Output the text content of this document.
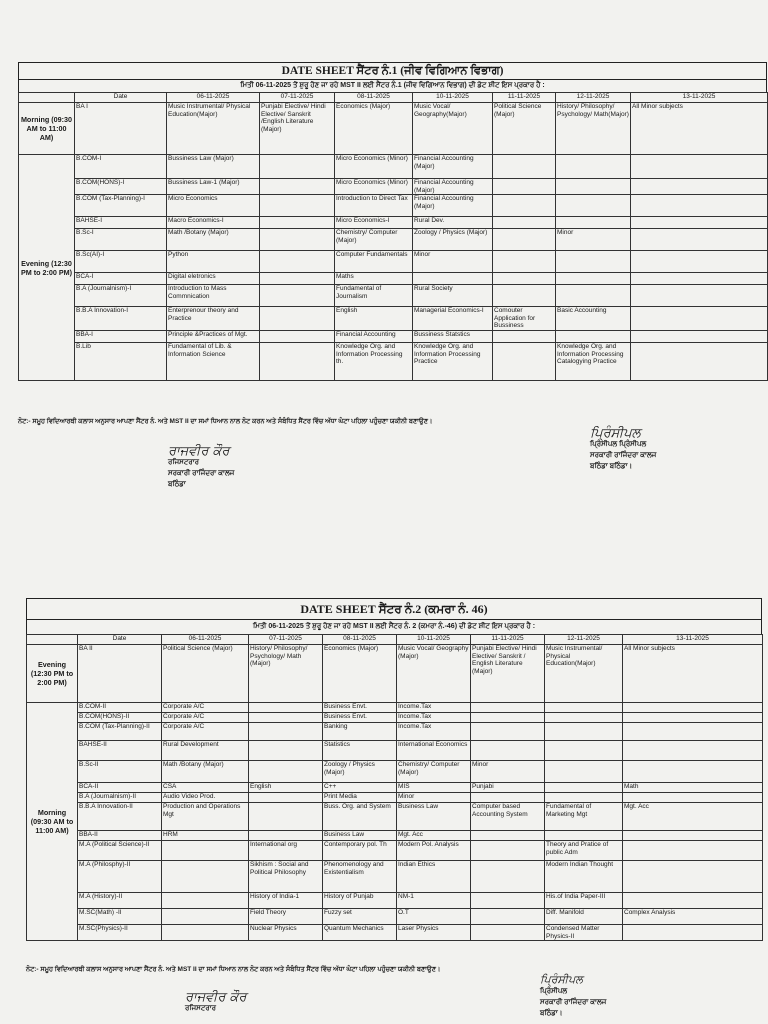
DATE SHEET ਸੈਂਟਰ ਨੰ.1 (ਜੀਵ ਵਿਗਿਆਨ ਵਿਭਾਗ)
ਮਿਤੀ 06-11-2025 ਤੋਂ ਸ਼ੁਰੂ ਹੋਣ ਜਾ ਰਹੇ MST II ਲਈ ਸੈਂਟਰ ਨੰ.1 (ਜੀਵ ਵਿਗਿਆਨ ਵਿਭਾਗ) ਦੀ ਡੇਟ ਸ਼ੀਟ ਇਸ ਪ੍ਰਕਾਰ ਹੈ :
	Date	06-11-2025	07-11-2025	08-11-2025	10-11-2025	11-11-2025	12-11-2025	13-11-2025
Morning (09:30 AM to 11:00 AM)	BA I	Music Instrumental/ Physical Education(Major)	Punjabi Elective/ Hindi Elective/ Sanskrit /English Literature (Major)	Economics (Major)	Music Vocal/ Geography(Major)	Political Science (Major)	History/ Philosophy/ Psychology/ Math(Major)	All Minor subjects
Evening (12:30 PM to 2:00 PM)	B.COM-I	Bussiness Law (Major)		Micro Economics (Minor)	Financial Accounting (Major)			
	B.COM(HONS)-I	Bussiness Law-1 (Major)		Micro Economics (Minor)	Financial Accounting (Major)			
	B.COM (Tax-Planning)-I	Micro Economics		Introduction to Direct Tax	Financial Accounting (Major)			
	BAHSE-I	Macro Economics-I		Micro Economics-I	Rural Dev.			
	B.Sc-I	Math /Botany (Major)		Chemistry/ Computer (Major)	Zoology / Physics (Major)		Minor	
	B.Sc(AI)-I	Python		Computer Fundamentals	Minor			
	BCA-I	Digital eletronics		Maths				
	B.A (Journalnism)-I	Introduction to Mass Commnication		Fundamental of Journalism	Rural Society			
	B.B.A Innovation-I	Enterprenour theory and Practice		English	Managerial Economics-I	Comouter Application for Bussiness	Basic Accounting	
	BBA-I	Principle &Practices of Mgt.		Financial Accounting	Bussiness Statstics			
	B.Lib	Fundamental of Lib. & Information Science		Knowledge Org. and Information Processing th.	Knowledge Org. and Information Processing Practice		Knowledge Org. and Information Processing Catalogying Practice	
ਨੋਟ:- ਸਮੂਹ ਵਿਦਿਆਰਥੀ ਕਲਾਸ ਅਨੁਸਾਰ ਆਪਣਾ ਸੈਂਟਰ ਨੰ. ਅਤੇ MST II ਦਾ ਸਮਾਂ ਧਿਆਨ ਨਾਲ ਨੋਟ ਕਰਨ ਅਤੇ ਸੰਬੰਧਿਤ ਸੈਂਟਰ ਵਿੱਚ ਅੱਧਾ ਘੰਟਾ ਪਹਿਲਾ ਪਹੁੰਚਣਾ ਯਕੀਨੀ ਬਣਾਉਣ।
ਰਾਜਵੀਰ ਕੌਰ
ਰਜਿਸਟਰਾਰ
ਸਰਕਾਰੀ ਰਾਜਿੰਦਰਾ ਕਾਲਜ
ਬਠਿੰਡਾ
ਪ੍ਰਿੰਸੀਪਲ
ਪ੍ਰਿੰਸੀਪਲ ਪ੍ਰਿੰਸੀਪਲ
ਸਰਕਾਰੀ ਰਾਜਿੰਦਰਾ ਕਾਲਜ
ਬਠਿੰਡਾ ਬਠਿੰਡਾ।
DATE SHEET ਸੈਂਟਰ ਨੰ.2 (ਕਮਰਾ ਨੰ. 46)
ਮਿਤੀ 06-11-2025 ਤੋਂ ਸ਼ੁਰੂ ਹੋਣ ਜਾ ਰਹੇ MST II ਲਈ ਸੈਂਟਰ ਨੰ. 2 (ਕਮਰਾ ਨੰ.-46) ਦੀ ਡੇਟ ਸ਼ੀਟ ਇਸ ਪ੍ਰਕਾਰ ਹੈ :
	Date	06-11-2025	07-11-2025	08-11-2025	10-11-2025	11-11-2025	12-11-2025	13-11-2025
Evening (12:30 PM to 2:00 PM)	BA II	Political Science (Major)	History/ Philosophy/ Psychology/ Math (Major)	Economics (Major)	Music Vocal/ Geography (Major)	Punjabi Elective/ Hindi Elective/ Sanskrit / English Literature (Major)	Music Instrumental/ Physical Education(Major)	All Minor subjects
Morning (09:30 AM to 11:00 AM)	B.COM-II	Corporate A/C		Business Envt.	Income.Tax			
	B.COM(HONS)-II	Corporate A/C		Business Envt.	Income.Tax			
	B.COM (Tax-Planning)-II	Corporate A/C		Banking	Income.Tax			
	BAHSE-II	Rural Development		Statistics	International Economics			
	B.Sc-II	Math /Botany (Major)		Zoology / Physics (Major)	Chemistry/ Computer (Major)	Minor		
	BCA-II	CSA	English	C++	MIS	Punjabi		Math
	B.A (Journalnism)-II	Audio Video Prod.		Print Media	Minor			
	B.B.A Innovation-II	Production and Operations Mgt		Buss. Org. and System	Business Law	Computer based Accounting System	Fundamental of Marketing Mgt	Mgt. Acc
	BBA-II	HRM		Business Law	Mgt. Acc			
	M.A (Political Science)-II		International org	Contemporary pol. Th	Modern Pol. Analysis		Theory and Pratice of public Adm	
	M.A (Philosphy)-II		Sikhism : Social and Political Philosophy	Phenomenology and Existentialism	Indian Ethics		Modern Indian Thought	
	M.A (History)-II		History of India-1	History of Punjab	NM-1		His.of India Paper-III	
	M.SC(Math) -II		Field Theory	Fuzzy set	O.T		Diff. Manifold	Complex Analysis
	M.SC(Physics)-II		Nuclear Physics	Quantum Mechanics	Laser Physics		Condensed Matter Physics-II	
ਨੋਟ:- ਸਮੂਹ ਵਿਦਿਆਰਥੀ ਕਲਾਸ ਅਨੁਸਾਰ ਆਪਣਾ ਸੈਂਟਰ ਨੰ. ਅਤੇ MST II ਦਾ ਸਮਾਂ ਧਿਆਨ ਨਾਲ ਨੋਟ ਕਰਨ ਅਤੇ ਸੰਬੰਧਿਤ ਸੈਂਟਰ ਵਿੱਚ ਅੱਧਾ ਘੰਟਾ ਪਹਿਲਾ ਪਹੁੰਚਣਾ ਯਕੀਨੀ ਬਣਾਉਣ।
ਰਾਜਵੀਰ ਕੌਰ
ਰਜਿਸਟਰਾਰ
ਪ੍ਰਿੰਸੀਪਲ
ਪ੍ਰਿੰਸੀਪਲ
ਸਰਕਾਰੀ ਰਾਜਿੰਦਰਾ ਕਾਲਜ
ਬਠਿੰਡਾ।
